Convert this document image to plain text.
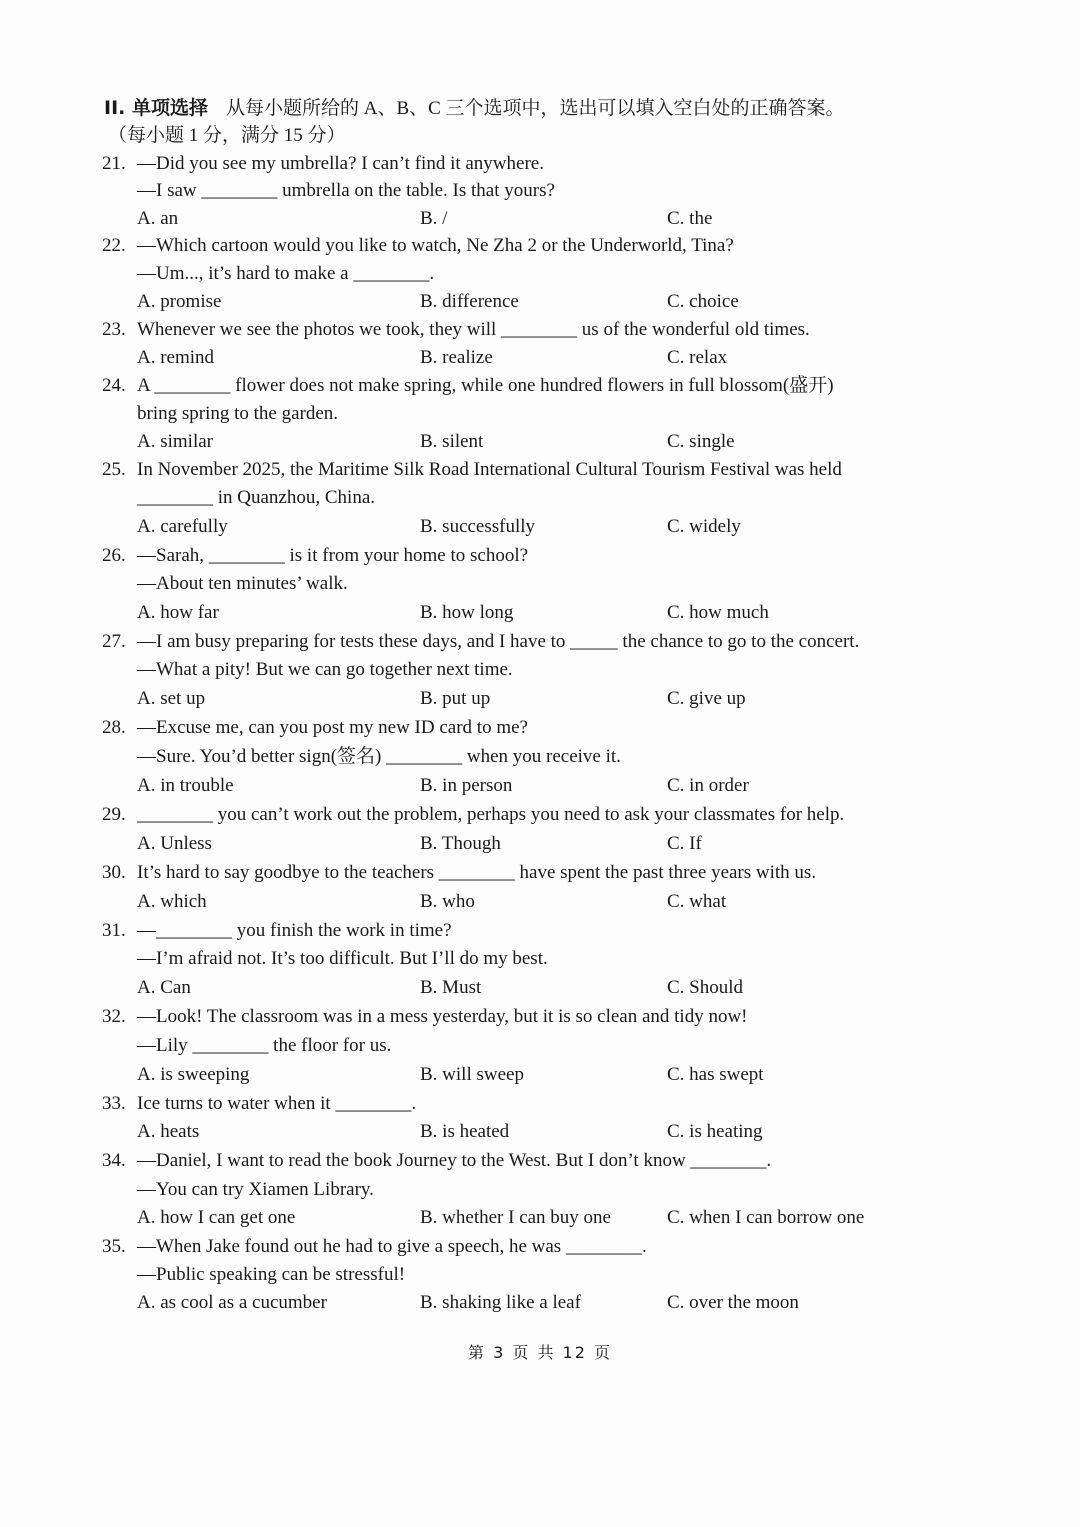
II. 单项选择 从每小题所给的 A、B、C 三个选项中，选出可以填入空白处的正确答案。
（每小题 1 分，满分 15 分）
21. —Did you see my umbrella? I can’t find it anywhere.
—I saw ________ umbrella on the table. Is that yours?
A. an	B. /	C. the
22. —Which cartoon would you like to watch, Ne Zha 2 or the Underworld, Tina?
—Um..., it’s hard to make a ________.
A. promise	B. difference	C. choice
23. Whenever we see the photos we took, they will ________ us of the wonderful old times.
A. remind	B. realize	C. relax
24. A ________ flower does not make spring, while one hundred flowers in full blossom(盛开)
bring spring to the garden.
A. similar	B. silent	C. single
25. In November 2025, the Maritime Silk Road International Cultural Tourism Festival was held
________ in Quanzhou, China.
A. carefully	B. successfully	C. widely
26. —Sarah, ________ is it from your home to school?
—About ten minutes’ walk.
A. how far	B. how long	C. how much
27. —I am busy preparing for tests these days, and I have to _____ the chance to go to the concert.
—What a pity! But we can go together next time.
A. set up	B. put up	C. give up
28. —Excuse me, can you post my new ID card to me?
—Sure. You’d better sign(签名) ________ when you receive it.
A. in trouble	B. in person	C. in order
29. ________ you can’t work out the problem, perhaps you need to ask your classmates for help.
A. Unless	B. Though	C. If
30. It’s hard to say goodbye to the teachers ________ have spent the past three years with us.
A. which	B. who	C. what
31. —________ you finish the work in time?
—I’m afraid not. It’s too difficult. But I’ll do my best.
A. Can	B. Must	C. Should
32. —Look! The classroom was in a mess yesterday, but it is so clean and tidy now!
—Lily ________ the floor for us.
A. is sweeping	B. will sweep	C. has swept
33. Ice turns to water when it ________.
A. heats	B. is heated	C. is heating
34. —Daniel, I want to read the book Journey to the West. But I don’t know ________.
—You can try Xiamen Library.
A. how I can get one	B. whether I can buy one	C. when I can borrow one
35. —When Jake found out he had to give a speech, he was ________.
—Public speaking can be stressful!
A. as cool as a cucumber	B. shaking like a leaf	C. over the moon
第 3 页 共 12 页
